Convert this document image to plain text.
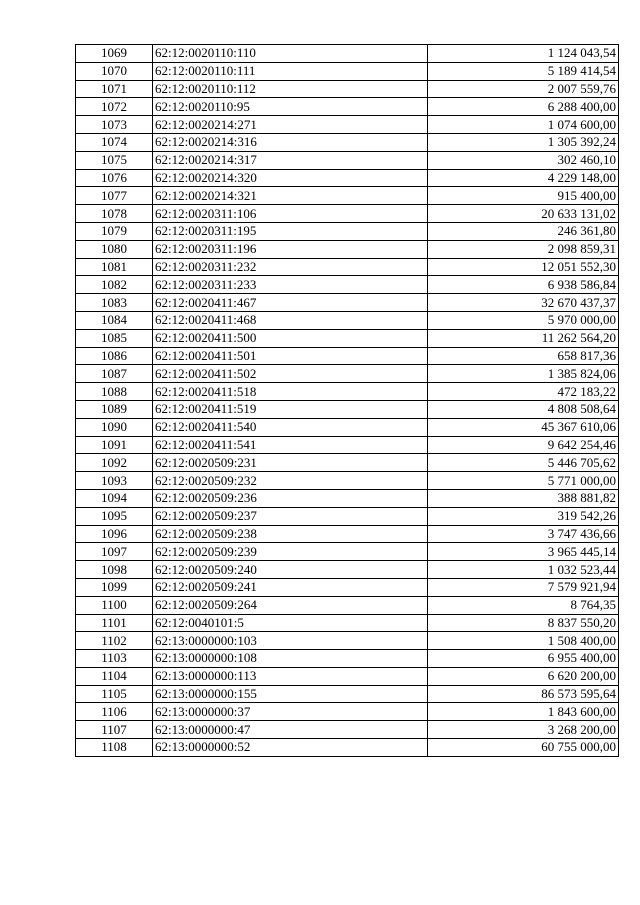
1069	62:12:0020110:110	1 124 043,54
1070	62:12:0020110:111	5 189 414,54
1071	62:12:0020110:112	2 007 559,76
1072	62:12:0020110:95	6 288 400,00
1073	62:12:0020214:271	1 074 600,00
1074	62:12:0020214:316	1 305 392,24
1075	62:12:0020214:317	302 460,10
1076	62:12:0020214:320	4 229 148,00
1077	62:12:0020214:321	915 400,00
1078	62:12:0020311:106	20 633 131,02
1079	62:12:0020311:195	246 361,80
1080	62:12:0020311:196	2 098 859,31
1081	62:12:0020311:232	12 051 552,30
1082	62:12:0020311:233	6 938 586,84
1083	62:12:0020411:467	32 670 437,37
1084	62:12:0020411:468	5 970 000,00
1085	62:12:0020411:500	11 262 564,20
1086	62:12:0020411:501	658 817,36
1087	62:12:0020411:502	1 385 824,06
1088	62:12:0020411:518	472 183,22
1089	62:12:0020411:519	4 808 508,64
1090	62:12:0020411:540	45 367 610,06
1091	62:12:0020411:541	9 642 254,46
1092	62:12:0020509:231	5 446 705,62
1093	62:12:0020509:232	5 771 000,00
1094	62:12:0020509:236	388 881,82
1095	62:12:0020509:237	319 542,26
1096	62:12:0020509:238	3 747 436,66
1097	62:12:0020509:239	3 965 445,14
1098	62:12:0020509:240	1 032 523,44
1099	62:12:0020509:241	7 579 921,94
1100	62:12:0020509:264	8 764,35
1101	62:12:0040101:5	8 837 550,20
1102	62:13:0000000:103	1 508 400,00
1103	62:13:0000000:108	6 955 400,00
1104	62:13:0000000:113	6 620 200,00
1105	62:13:0000000:155	86 573 595,64
1106	62:13:0000000:37	1 843 600,00
1107	62:13:0000000:47	3 268 200,00
1108	62:13:0000000:52	60 755 000,00
